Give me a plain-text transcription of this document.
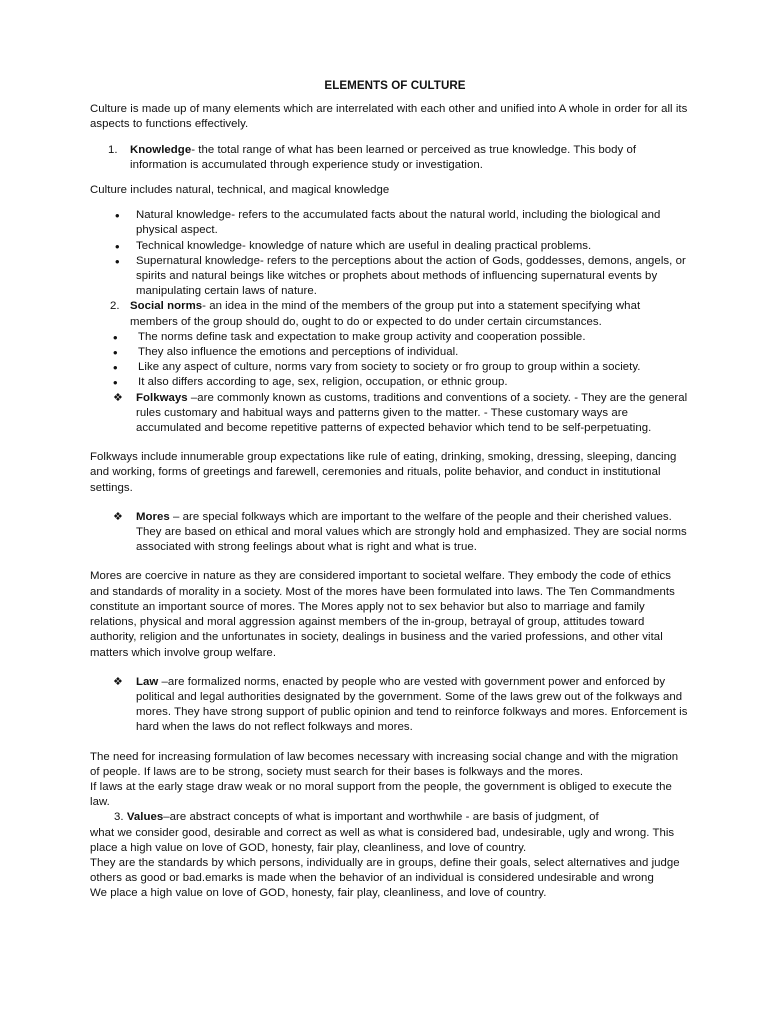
ELEMENTS OF CULTURE

Culture is made up of many elements which are interrelated with each other and unified into A whole in order for all its aspects to functions effectively.

1. Knowledge- the total range of what has been learned or perceived as true knowledge. This body of information is accumulated through experience study or investigation.

Culture includes natural, technical, and magical knowledge

• Natural knowledge- refers to the accumulated facts about the natural world, including the biological and physical aspect.
• Technical knowledge- knowledge of nature which are useful in dealing practical problems.
• Supernatural knowledge- refers to the perceptions about the action of Gods, goddesses, demons, angels, or spirits and natural beings like witches or prophets about methods of influencing supernatural events by manipulating certain laws of nature.
2. Social norms- an idea in the mind of the members of the group put into a statement specifying what members of the group should do, ought to do or expected to do under certain circumstances.
• The norms define task and expectation to make group activity and cooperation possible.
• They also influence the emotions and perceptions of individual.
• Like any aspect of culture, norms vary from society to society or fro group to group within a society.
• It also differs according to age, sex, religion, occupation, or ethnic group.
❖ Folkways –are commonly known as customs, traditions and conventions of a society. - They are the general rules customary and habitual ways and patterns given to the matter. - These customary ways are accumulated and become repetitive patterns of expected behavior which tend to be self-perpetuating.

Folkways include innumerable group expectations like rule of eating, drinking, smoking, dressing, sleeping, dancing and working, forms of greetings and farewell, ceremonies and rituals, polite behavior, and conduct in institutional settings.

❖ Mores – are special folkways which are important to the welfare of the people and their cherished values. They are based on ethical and moral values which are strongly hold and emphasized. They are social norms associated with strong feelings about what is right and what is true.

Mores are coercive in nature as they are considered important to societal welfare. They embody the code of ethics and standards of morality in a society. Most of the mores have been formulated into laws. The Ten Commandments constitute an important source of mores. The Mores apply not to sex behavior but also to marriage and family relations, physical and moral aggression against members of the in-group, betrayal of group, attitudes toward authority, religion and the unfortunates in society, dealings in business and the varied professions, and other vital matters which involve group welfare.

❖ Law –are formalized norms, enacted by people who are vested with government power and enforced by political and legal authorities designated by the government. Some of the laws grew out of the folkways and mores. They have strong support of public opinion and tend to reinforce folkways and mores. Enforcement is hard when the laws do not reflect folkways and mores.

The need for increasing formulation of law becomes necessary with increasing social change and with the migration of people. If laws are to be strong, society must search for their bases is folkways and the mores.

If laws at the early stage draw weak or no moral support from the people, the government is obliged to execute the law.

3. Values–are abstract concepts of what is important and worthwhile - are basis of judgment, of

what we consider good, desirable and correct as well as what is considered bad, undesirable, ugly and wrong. This place a high value on love of GOD, honesty, fair play, cleanliness, and love of country.

They are the standards by which persons, individually are in groups, define their goals, select alternatives and judge others as good or bad.emarks is made when the behavior of an individual is considered undesirable and wrong

We place a high value on love of GOD, honesty, fair play, cleanliness, and love of country.
